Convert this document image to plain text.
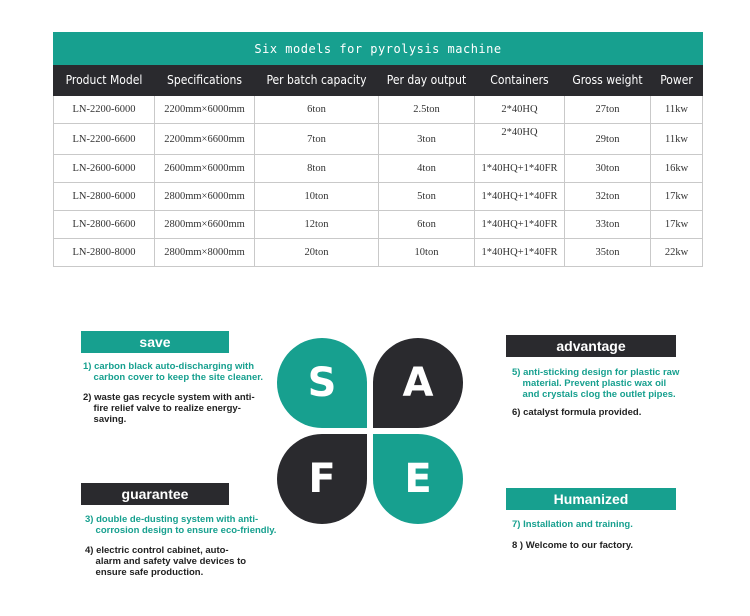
Six models for pyrolysis machine						
Product Model	Specifications	Per batch capacity	Per day output	Containers	Gross weight	Power
LN-2200-6000	2200mm×6000mm	6ton	2.5ton	2*40HQ	27ton	11kw
LN-2200-6600	2200mm×6600mm	7ton	3ton	2*40HQ	29ton	11kw
LN-2600-6000	2600mm×6000mm	8ton	4ton	1*40HQ+1*40FR	30ton	16kw
LN-2800-6000	2800mm×6000mm	10ton	5ton	1*40HQ+1*40FR	32ton	17kw
LN-2800-6600	2800mm×6600mm	12ton	6ton	1*40HQ+1*40FR	33ton	17kw
LN-2800-8000	2800mm×8000mm	20ton	10ton	1*40HQ+1*40FR	35ton	22kw
save
1) carbon black auto-discharging with
carbon cover to keep the site cleaner.
2) waste gas recycle system with anti-
fire relief valve to realize energy-
saving.
advantage
5) anti-sticking design for plastic raw
material. Prevent plastic wax oil
and crystals clog the outlet pipes.
6) catalyst formula provided.
guarantee
3) double de-dusting system with anti-
corrosion design to ensure eco-friendly.
4) electric control cabinet, auto-
alarm and safety valve devices to
ensure safe production.
Humanized
7) Installation and training.
8 ) Welcome to our factory.
S	A
F	E
